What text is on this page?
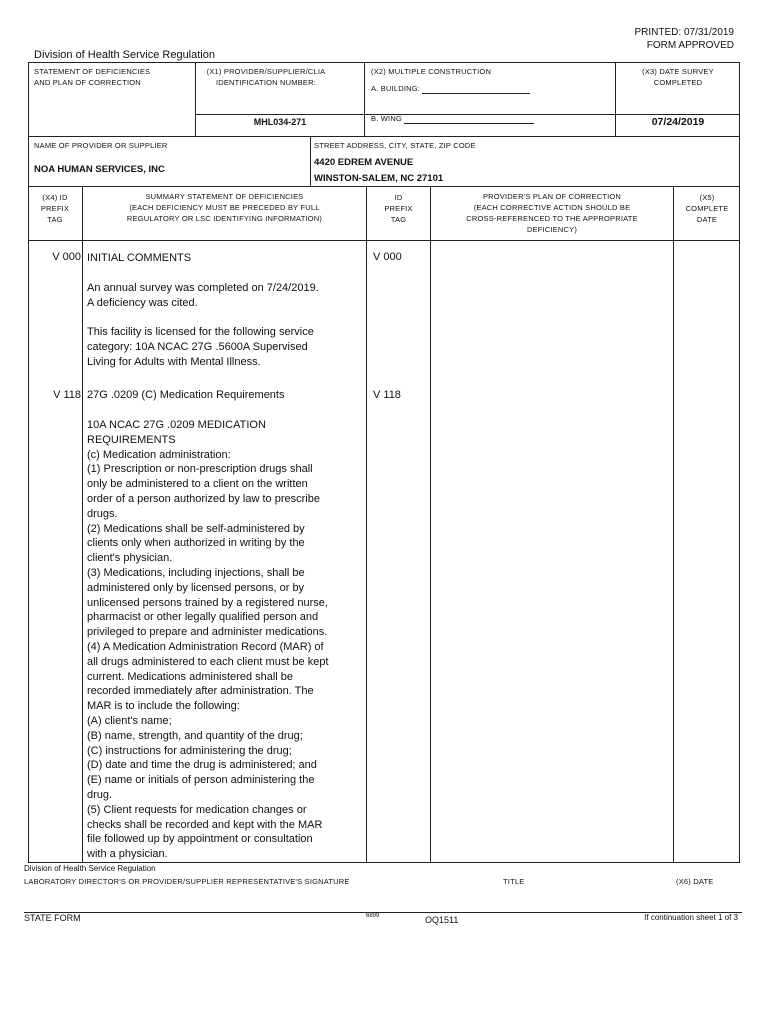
PRINTED: 07/31/2019
FORM APPROVED
Division of Health Service Regulation
STATEMENT OF DEFICIENCIES
AND PLAN OF CORRECTION
(X1) PROVIDER/SUPPLIER/CLIA
IDENTIFICATION NUMBER:
MHL034-271
(X2) MULTIPLE CONSTRUCTION
A. BUILDING:
B. WING
(X3) DATE SURVEY
COMPLETED
07/24/2019
NAME OF PROVIDER OR SUPPLIER
NOA HUMAN SERVICES, INC
STREET ADDRESS, CITY, STATE, ZIP CODE
4420 EDREM AVENUE
WINSTON-SALEM, NC 27101
(X4) ID
PREFIX
TAG
SUMMARY STATEMENT OF DEFICIENCIES
(EACH DEFICIENCY MUST BE PRECEDED BY FULL
REGULATORY OR LSC IDENTIFYING INFORMATION)
ID
PREFIX
TAG
PROVIDER'S PLAN OF CORRECTION
(EACH CORRECTIVE ACTION SHOULD BE
CROSS-REFERENCED TO THE APPROPRIATE
DEFICIENCY)
(X5)
COMPLETE
DATE
V 000	V 000
INITIAL COMMENTS
An annual survey was completed on 7/24/2019.
A deficiency was cited.
This facility is licensed for the following service
category: 10A NCAC 27G .5600A Supervised
Living for Adults with Mental Illness.
V 118	V 118
27G .0209 (C) Medication Requirements
10A NCAC 27G .0209 MEDICATION
REQUIREMENTS
(c) Medication administration:
(1) Prescription or non-prescription drugs shall
only be administered to a client on the written
order of a person authorized by law to prescribe
drugs.
(2) Medications shall be self-administered by
clients only when authorized in writing by the
client's physician.
(3) Medications, including injections, shall be
administered only by licensed persons, or by
unlicensed persons trained by a registered nurse,
pharmacist or other legally qualified person and
privileged to prepare and administer medications.
(4) A Medication Administration Record (MAR) of
all drugs administered to each client must be kept
current. Medications administered shall be
recorded immediately after administration. The
MAR is to include the following:
(A) client's name;
(B) name, strength, and quantity of the drug;
(C) instructions for administering the drug;
(D) date and time the drug is administered; and
(E) name or initials of person administering the
drug.
(5) Client requests for medication changes or
checks shall be recorded and kept with the MAR
file followed up by appointment or consultation
with a physician.
Division of Health Service Regulation
LABORATORY DIRECTOR'S OR PROVIDER/SUPPLIER REPRESENTATIVE'S SIGNATURE	TITLE	(X6) DATE
STATE FORM	6899	OQ1511	If continuation sheet 1 of 3
